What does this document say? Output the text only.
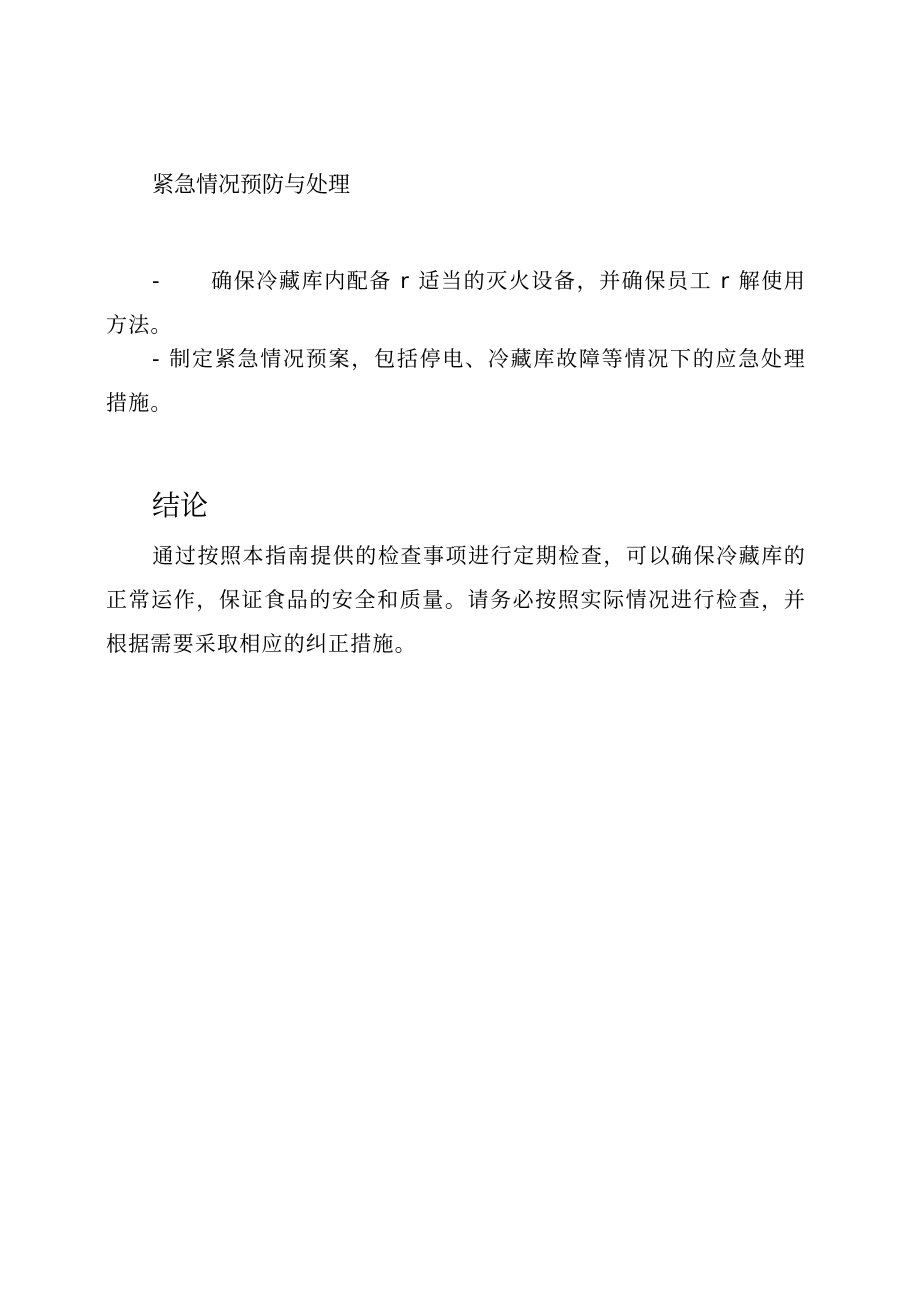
紧急情况预防与处理

- 确保冷藏库内配备 r 适当的灭火设备，并确保员工 r 解使用方法。

- 制定紧急情况预案，包括停电、冷藏库故障等情况下的应急处理措施。

结论

通过按照本指南提供的检查事项进行定期检查，可以确保冷藏库的正常运作，保证食品的安全和质量。请务必按照实际情况进行检查，并根据需要采取相应的纠正措施。
